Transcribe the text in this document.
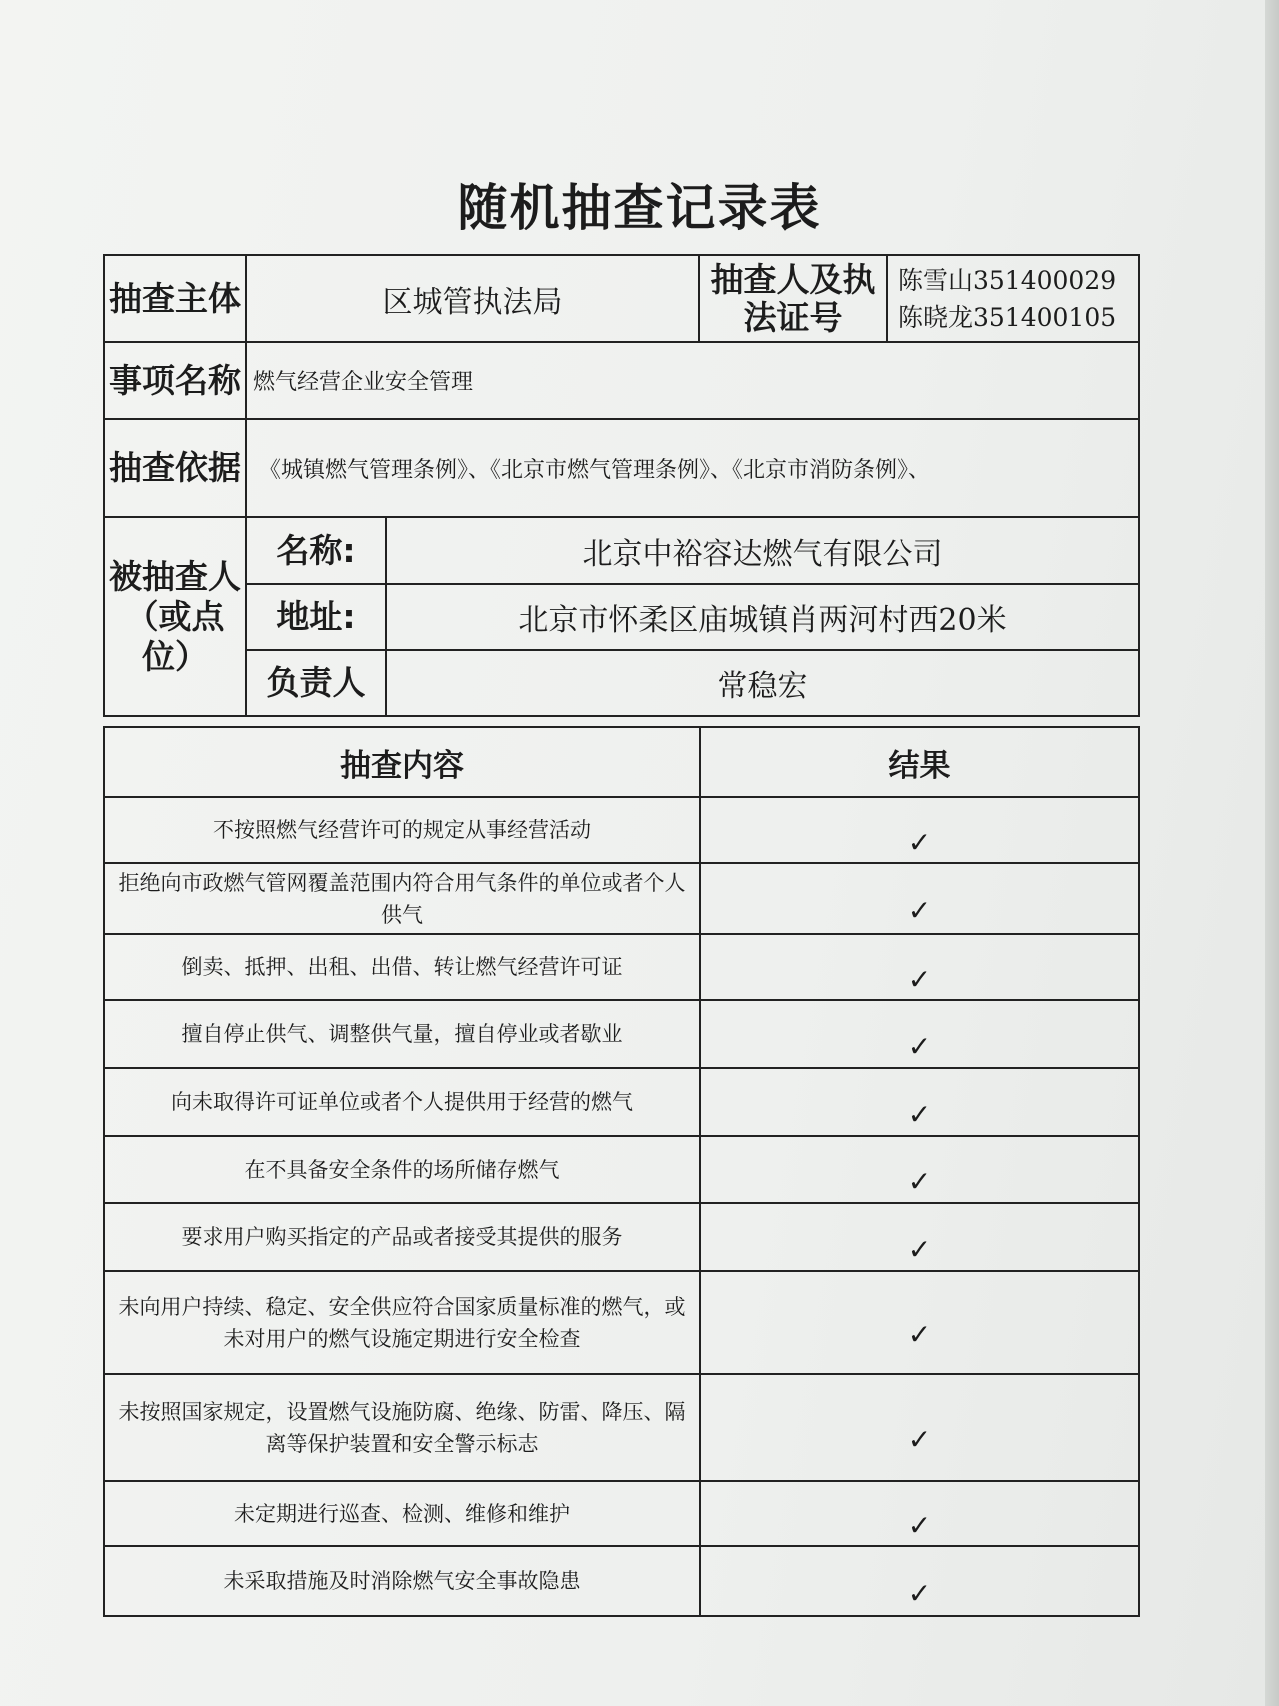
随机抽查记录表
抽查主体	区城管执法局		抽查人及执法证号	陈雪山351400029
陈晓龙351400105

事项名称	燃气经营企业安全管理			
抽查依据	《城镇燃气管理条例》、《北京市燃气管理条例》、《北京市消防条例》、			
被抽查人（或点位）	名称:	北京中裕容达燃气有限公司		
	地址:	北京市怀柔区庙城镇肖两河村西20米		
	负责人	常稳宏		
抽查内容	结果
不按照燃气经营许可的规定从事经营活动	✓
拒绝向市政燃气管网覆盖范围内符合用气条件的单位或者个人供气	✓
倒卖、抵押、出租、出借、转让燃气经营许可证	✓
擅自停止供气、调整供气量，擅自停业或者歇业	✓
向未取得许可证单位或者个人提供用于经营的燃气	✓
在不具备安全条件的场所储存燃气	✓
要求用户购买指定的产品或者接受其提供的服务	✓
未向用户持续、稳定、安全供应符合国家质量标准的燃气，或未对用户的燃气设施定期进行安全检查	✓
未按照国家规定，设置燃气设施防腐、绝缘、防雷、降压、隔离等保护装置和安全警示标志	✓
未定期进行巡查、检测、维修和维护	✓
未采取措施及时消除燃气安全事故隐患	✓
